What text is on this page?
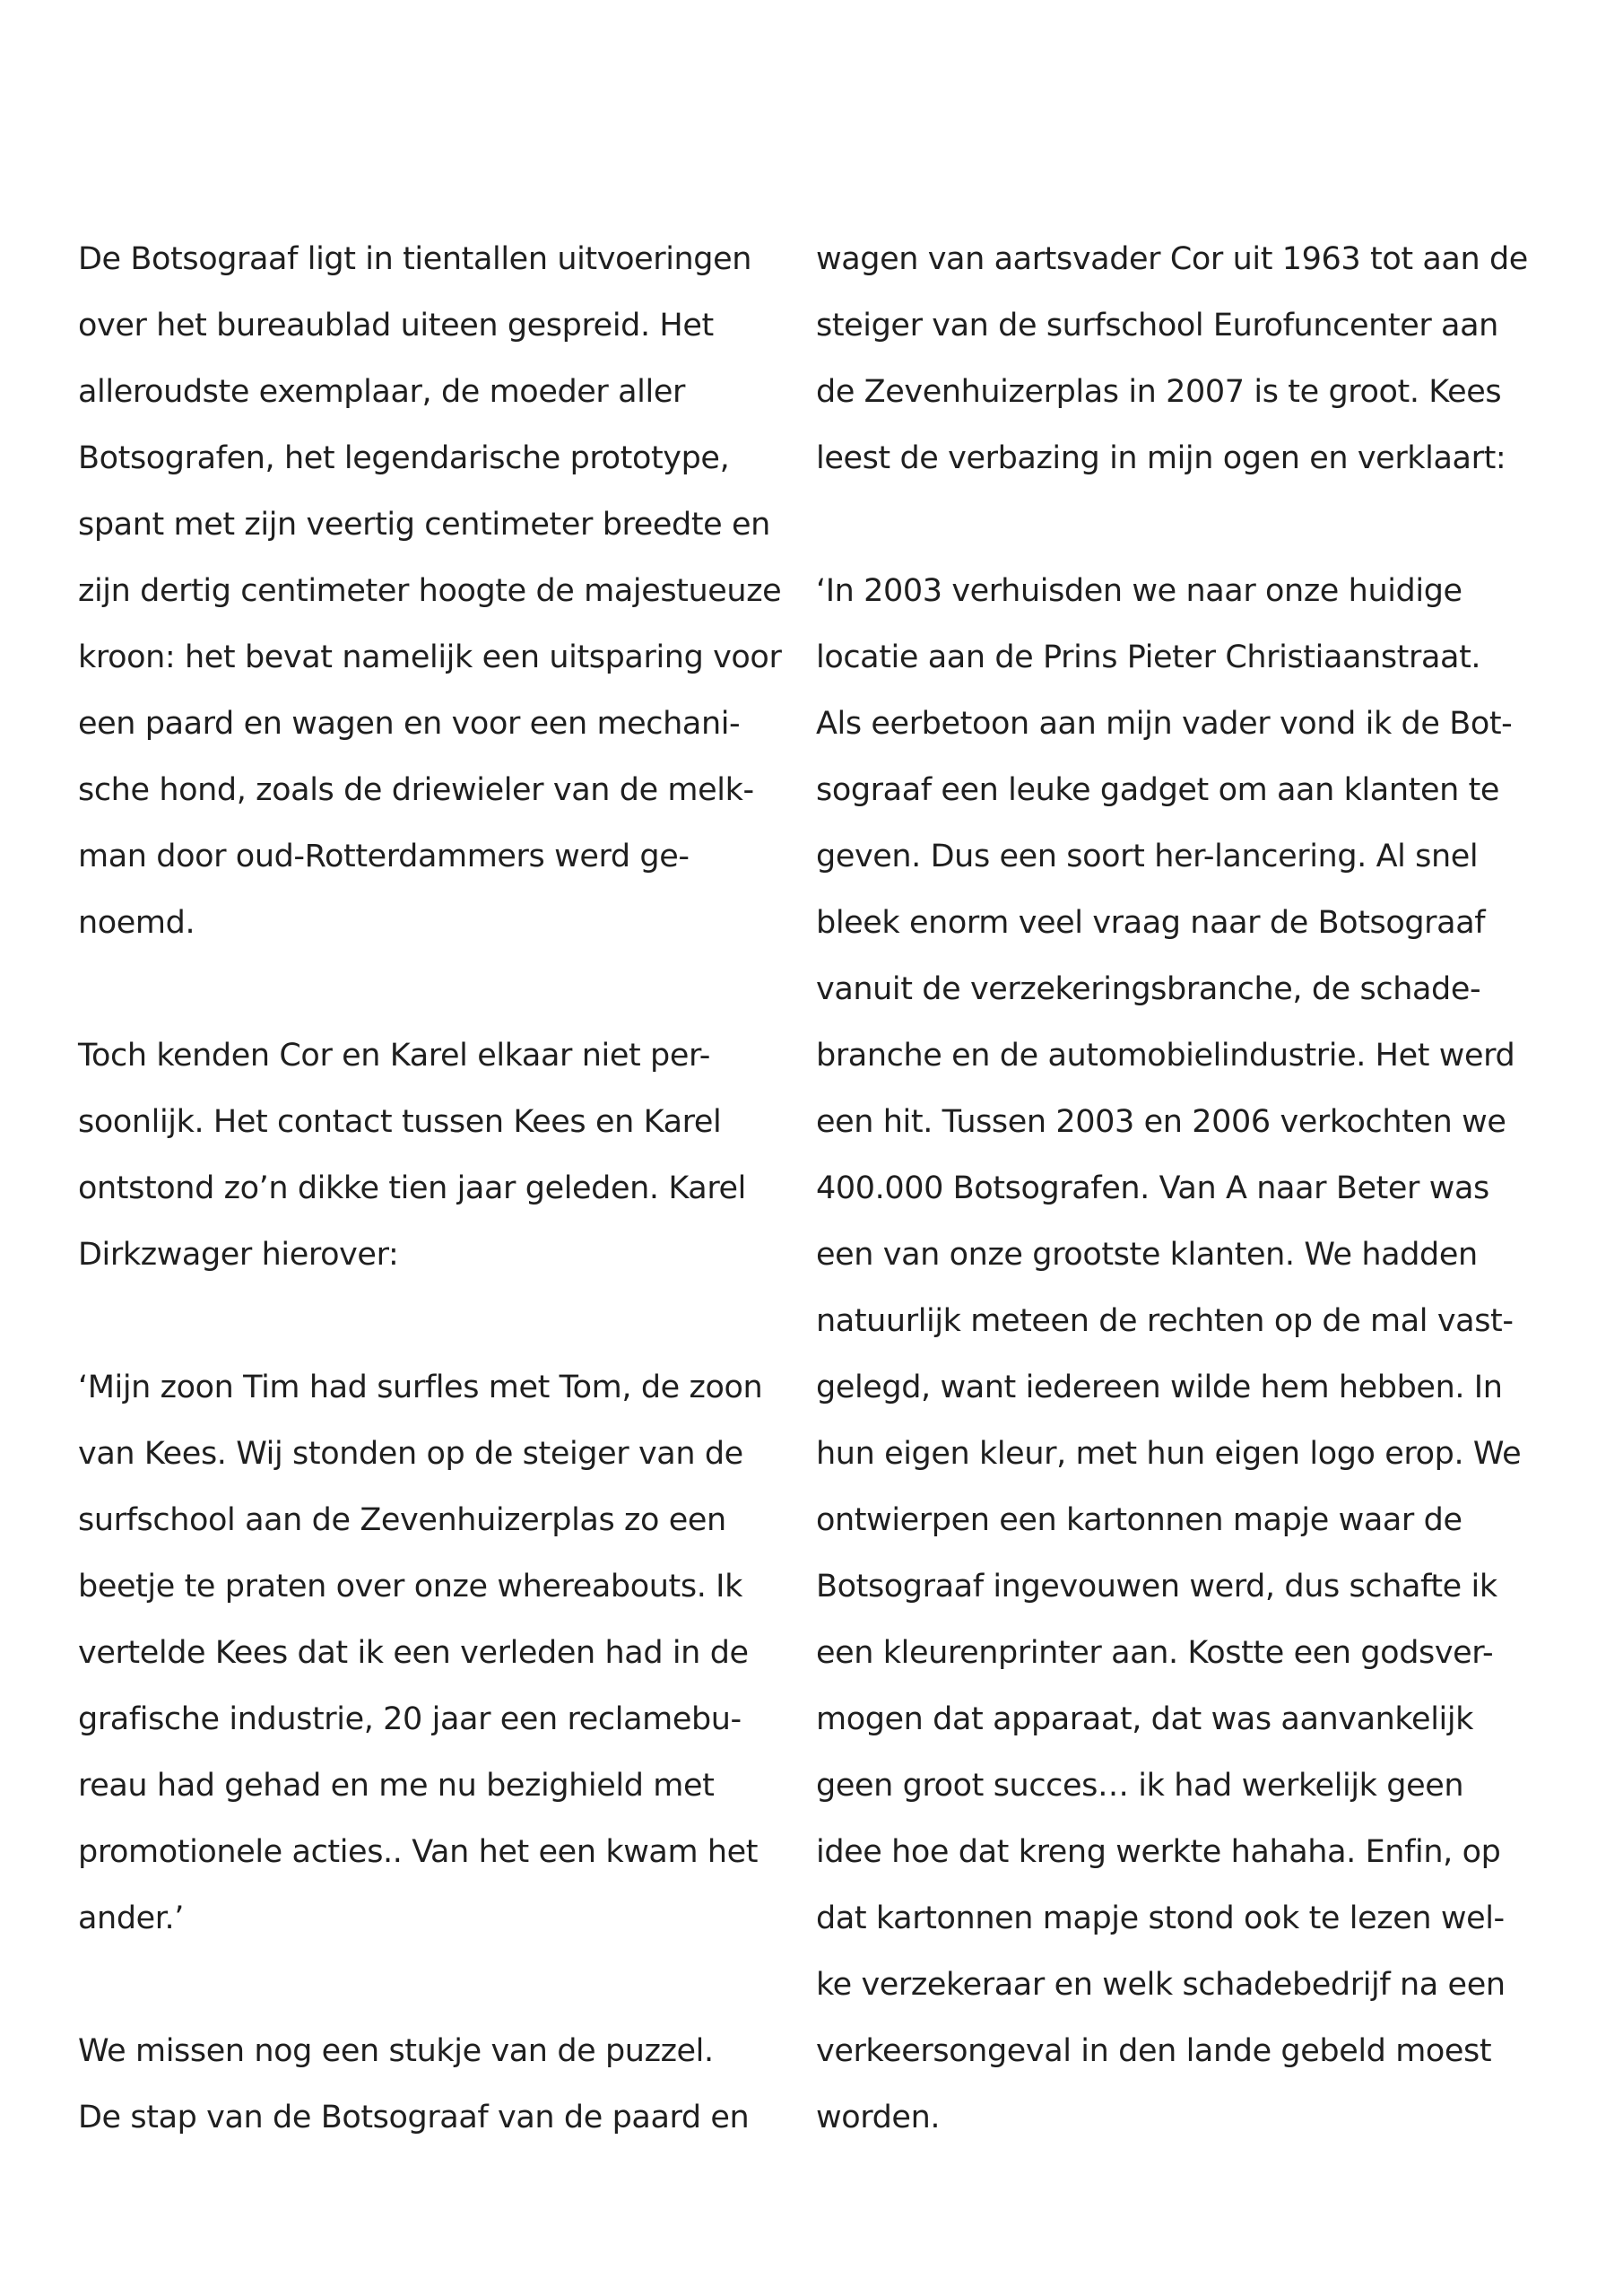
De Botsograaf ligt in tientallen uitvoeringen
over het bureaublad uiteen gespreid. Het
alleroudste exemplaar, de moeder aller
Botsografen, het legendarische prototype,
spant met zijn veertig centimeter breedte en
zijn dertig centimeter hoogte de majestueuze
kroon: het bevat namelijk een uitsparing voor
een paard en wagen en voor een mechani-
sche hond, zoals de driewieler van de melk-
man door oud-Rotterdammers werd ge-
noemd.
Toch kenden Cor en Karel elkaar niet per-
soonlijk. Het contact tussen Kees en Karel
ontstond zo’n dikke tien jaar geleden. Karel
Dirkzwager hierover:
‘Mijn zoon Tim had surfles met Tom, de zoon
van Kees. Wij stonden op de steiger van de
surfschool aan de Zevenhuizerplas zo een
beetje te praten over onze whereabouts. Ik
vertelde Kees dat ik een verleden had in de
grafische industrie, 20 jaar een reclamebu-
reau had gehad en me nu bezighield met
promotionele acties.. Van het een kwam het
ander.’
We missen nog een stukje van de puzzel.
De stap van de Botsograaf van de paard en
wagen van aartsvader Cor uit 1963 tot aan de
steiger van de surfschool Eurofuncenter aan
de Zevenhuizerplas in 2007 is te groot. Kees
leest de verbazing in mijn ogen en verklaart:
‘In 2003 verhuisden we naar onze huidige
locatie aan de Prins Pieter Christiaanstraat.
Als eerbetoon aan mijn vader vond ik de Bot-
sograaf een leuke gadget om aan klanten te
geven. Dus een soort her-lancering. Al snel
bleek enorm veel vraag naar de Botsograaf
vanuit de verzekeringsbranche, de schade-
branche en de automobielindustrie. Het werd
een hit. Tussen 2003 en 2006 verkochten we
400.000 Botsografen. Van A naar Beter was
een van onze grootste klanten. We hadden
natuurlijk meteen de rechten op de mal vast-
gelegd, want iedereen wilde hem hebben. In
hun eigen kleur, met hun eigen logo erop. We
ontwierpen een kartonnen mapje waar de
Botsograaf ingevouwen werd, dus schafte ik
een kleurenprinter aan. Kostte een godsver-
mogen dat apparaat, dat was aanvankelijk
geen groot succes… ik had werkelijk geen
idee hoe dat kreng werkte hahaha. Enfin, op
dat kartonnen mapje stond ook te lezen wel-
ke verzekeraar en welk schadebedrijf na een
verkeersongeval in den lande gebeld moest
worden.
